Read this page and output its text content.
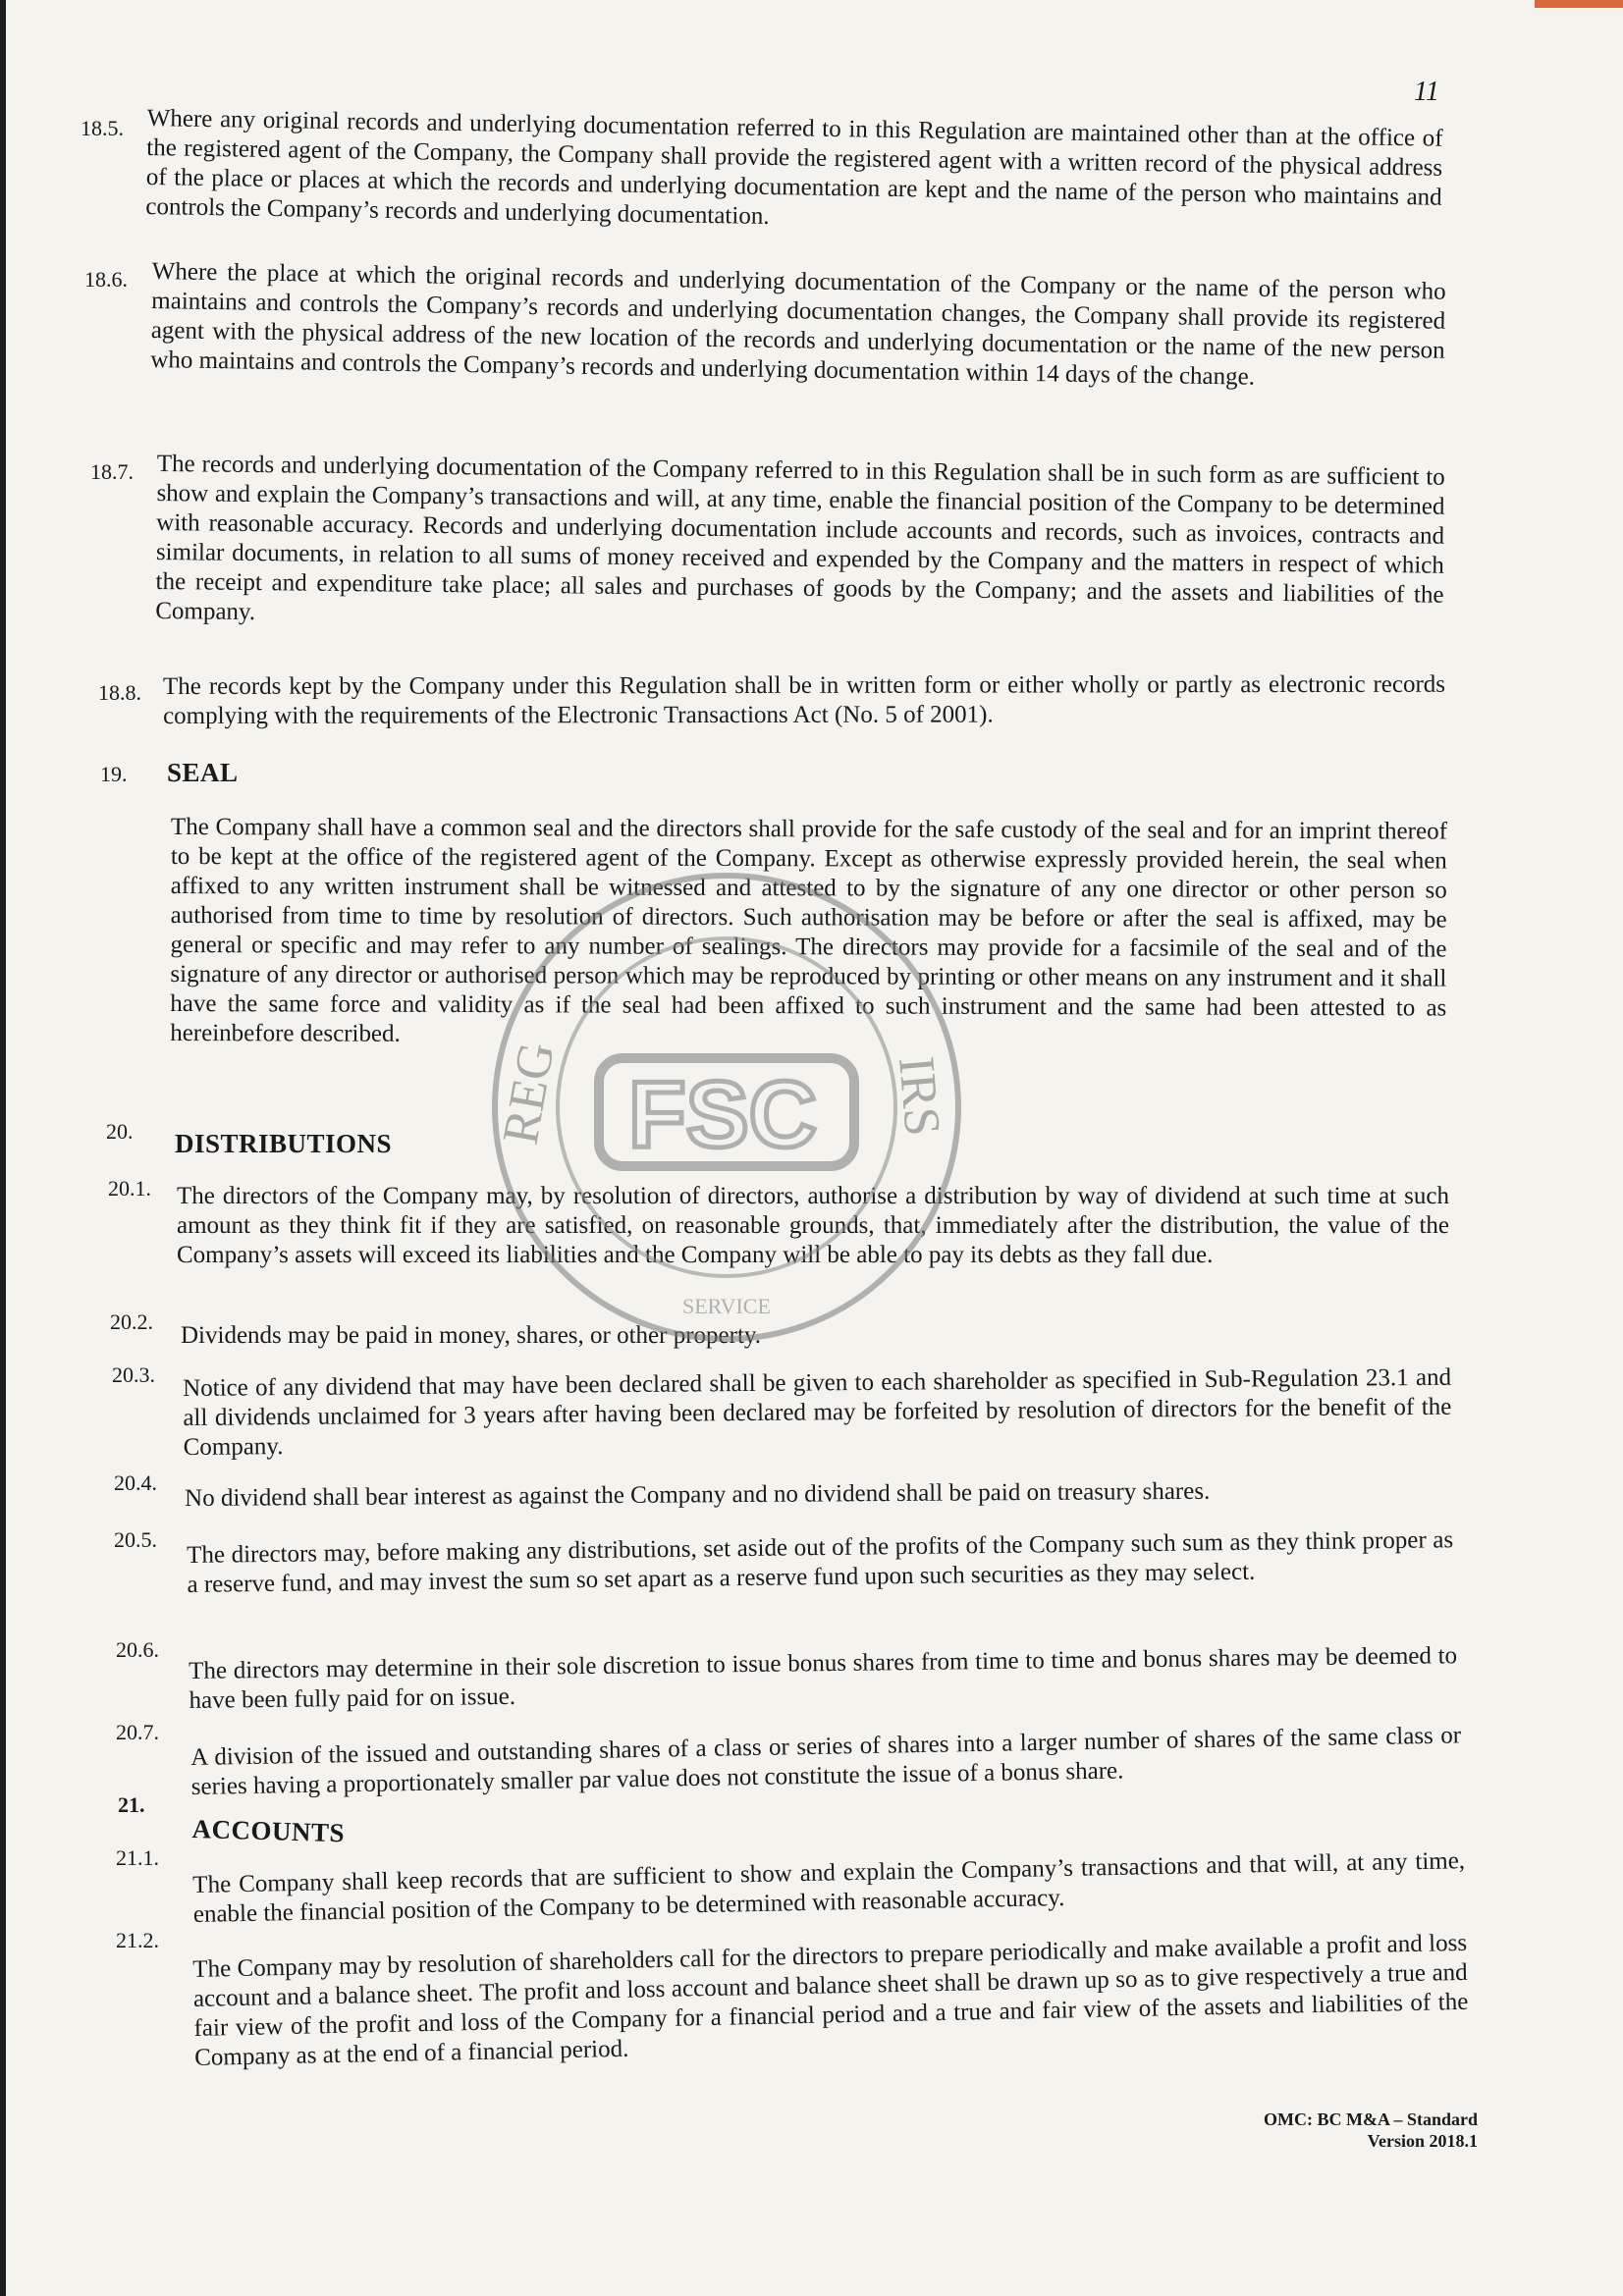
11
18.5. Where any original records and underlying documentation referred to in this Regulation are maintained other than at the office of the registered agent of the Company, the Company shall provide the registered agent with a written record of the physical address of the place or places at which the records and underlying documentation are kept and the name of the person who maintains and controls the Company’s records and underlying documentation.

18.6. Where the place at which the original records and underlying documentation of the Company or the name of the person who maintains and controls the Company’s records and underlying documentation changes, the Company shall provide its registered agent with the physical address of the new location of the records and underlying documentation or the name of the new person who maintains and controls the Company’s records and underlying documentation within 14 days of the change.

18.7. The records and underlying documentation of the Company referred to in this Regulation shall be in such form as are sufficient to show and explain the Company’s transactions and will, at any time, enable the financial position of the Company to be determined with reasonable accuracy. Records and underlying documentation include accounts and records, such as invoices, contracts and similar documents, in relation to all sums of money received and expended by the Company and the matters in respect of which the receipt and expenditure take place; all sales and purchases of goods by the Company; and the assets and liabilities of the Company.

18.8. The records kept by the Company under this Regulation shall be in written form or either wholly or partly as electronic records complying with the requirements of the Electronic Transactions Act (No. 5 of 2001).

19. SEAL

The Company shall have a common seal and the directors shall provide for the safe custody of the seal and for an imprint thereof to be kept at the office of the registered agent of the Company. Except as otherwise expressly provided herein, the seal when affixed to any written instrument shall be witnessed and attested to by the signature of any one director or other person so authorised from time to time by resolution of directors. Such authorisation may be before or after the seal is affixed, may be general or specific and may refer to any number of sealings. The directors may provide for a facsimile of the seal and of the signature of any director or authorised person which may be reproduced by printing or other means on any instrument and it shall have the same force and validity as if the seal had been affixed to such instrument and the same had been attested to as hereinbefore described.

20. DISTRIBUTIONS
20.1. The directors of the Company may, by resolution of directors, authorise a distribution by way of dividend at such time at such amount as they think fit if they are satisfied, on reasonable grounds, that, immediately after the distribution, the value of the Company’s assets will exceed its liabilities and the Company will be able to pay its debts as they fall due.

20.2.

Dividends may be paid in money, shares, or other property.

20.3. Notice of any dividend that may have been declared shall be given to each shareholder as specified in Sub-Regulation 23.1 and all dividends unclaimed for 3 years after having been declared may be forfeited by resolution of directors for the benefit of the Company.

20.4. No dividend shall bear interest as against the Company and no dividend shall be paid on treasury shares.

20.5. The directors may, before making any distributions, set aside out of the profits of the Company such sum as they think proper as a reserve fund, and may invest the sum so set apart as a reserve fund upon such securities as they may select.

20.6. The directors may determine in their sole discretion to issue bonus shares from time to time and bonus shares may be deemed to have been fully paid for on issue.

20.7. A division of the issued and outstanding shares of a class or series of shares into a larger number of shares of the same class or series having a proportionately smaller par value does not constitute the issue of a bonus share.

21.
ACCOUNTS
21.1. The Company shall keep records that are sufficient to show and explain the Company’s transactions and that will, at any time, enable the financial position of the Company to be determined with reasonable accuracy.

21.2. The Company may by resolution of shareholders call for the directors to prepare periodically and make available a profit and loss account and a balance sheet. The profit and loss account and balance sheet shall be drawn up so as to give respectively a true and fair view of the profit and loss of the Company for a financial period and a true and fair view of the assets and liabilities of the Company as at the end of a financial period.

REG	IRS
SERVICE
FSC
OMC: BC M&A – Standard
Version 2018.1
